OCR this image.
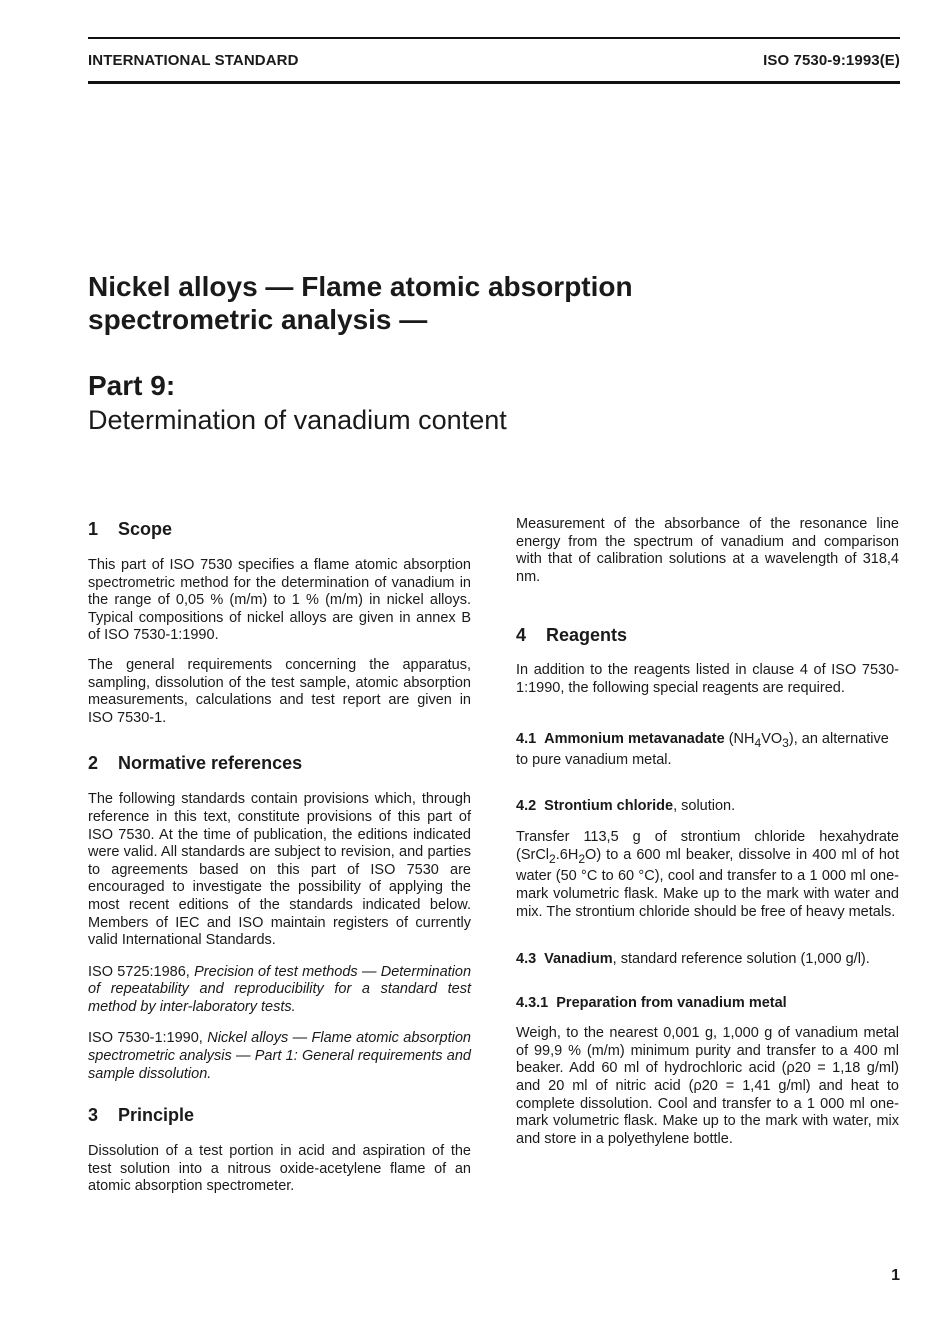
INTERNATIONAL STANDARD	ISO 7530-9:1993(E)

Nickel alloys — Flame atomic absorption
spectrometric analysis —

Part 9:

Determination of vanadium content

1 Scope

This part of ISO 7530 specifies a flame atomic absorption spectrometric method for the determination of vanadium in the range of 0,05 % (m/m) to 1 % (m/m) in nickel alloys. Typical compositions of nickel alloys are given in annex B of ISO 7530-1:1990.

The general requirements concerning the apparatus, sampling, dissolution of the test sample, atomic absorption measurements, calculations and test report are given in ISO 7530-1.

2 Normative references

The following standards contain provisions which, through reference in this text, constitute provisions of this part of ISO 7530. At the time of publication, the editions indicated were valid. All standards are subject to revision, and parties to agreements based on this part of ISO 7530 are encouraged to investigate the possibility of applying the most recent editions of the standards indicated below. Members of IEC and ISO maintain registers of currently valid International Standards.

ISO 5725:1986, Precision of test methods — Determination of repeatability and reproducibility for a standard test method by inter-laboratory tests.

ISO 7530-1:1990, Nickel alloys — Flame atomic absorption spectrometric analysis — Part 1: General requirements and sample dissolution.

3 Principle

Dissolution of a test portion in acid and aspiration of the test solution into a nitrous oxide-acetylene flame of an atomic absorption spectrometer.

Measurement of the absorbance of the resonance line energy from the spectrum of vanadium and comparison with that of calibration solutions at a wavelength of 318,4 nm.

4 Reagents

In addition to the reagents listed in clause 4 of ISO 7530-1:1990, the following special reagents are required.

4.1 Ammonium metavanadate $(NH_4VO_3)$, an alternative to pure vanadium metal.

4.2 Strontium chloride, solution.

Transfer 113,5 g of strontium chloride hexahydrate $(SrCl_2.6H_2O)$ to a 600 ml beaker, dissolve in 400 ml of hot water (50 °C to 60 °C), cool and transfer to a 1 000 ml one-mark volumetric flask. Make up to the mark with water and mix. The strontium chloride should be free of heavy metals.

4.3 Vanadium, standard reference solution (1,000 g/l).

4.3.1 Preparation from vanadium metal

Weigh, to the nearest 0,001 g, 1,000 g of vanadium metal of 99,9 % (m/m) minimum purity and transfer to a 400 ml beaker. Add 60 ml of hydrochloric acid (ρ20 = 1,18 g/ml) and 20 ml of nitric acid (ρ20 = 1,41 g/ml) and heat to complete dissolution. Cool and transfer to a 1 000 ml one-mark volumetric flask. Make up to the mark with water, mix and store in a polyethylene bottle.

1
